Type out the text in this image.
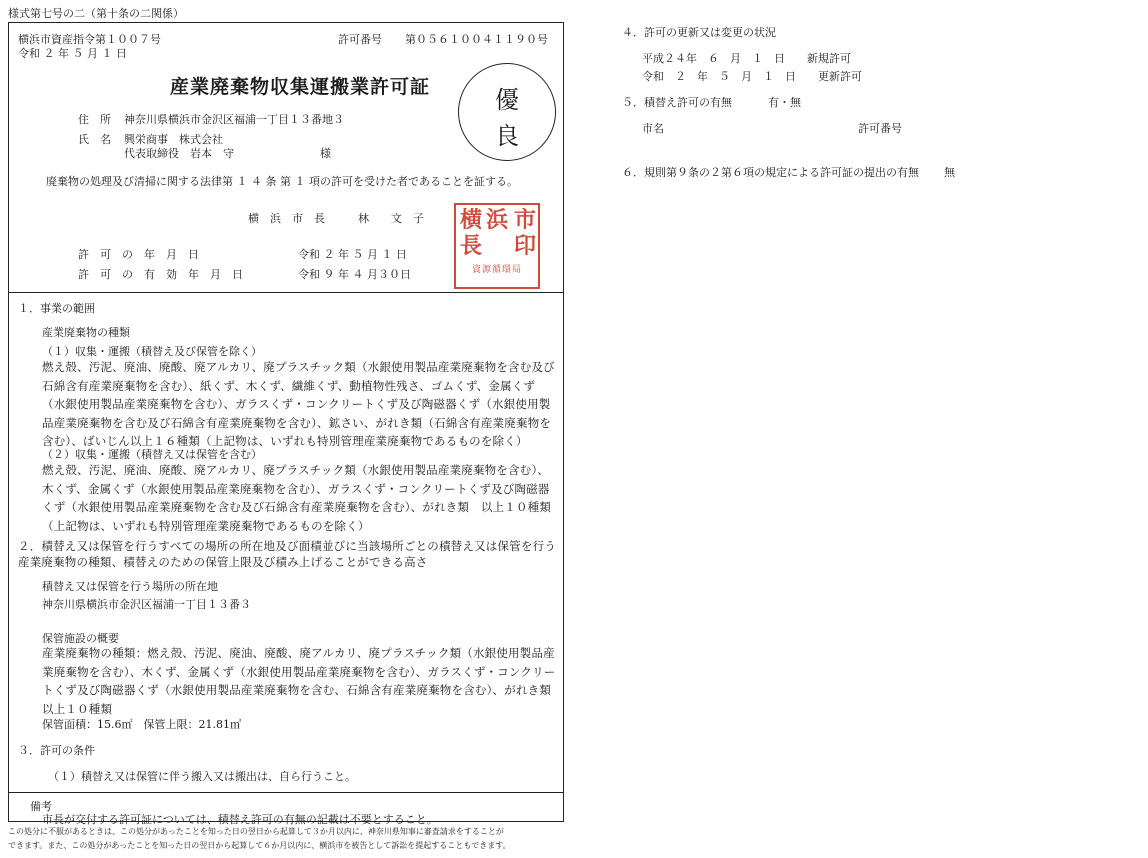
様式第七号の二（第十条の二関係）
横浜市資産指令第１００７号
令和 ２ 年 ５ 月 １ 日
許可番号 第０５６１００４１１９０号
産業廃棄物収集運搬業許可証	優
良
住　所 神奈川県横浜市金沢区福浦一丁目１３番地３
氏　名 興栄商事　株式会社
代表取締役　岩本　守	様
廃棄物の処理及び清掃に関する法律第 １ ４ 条 第 １ 項の許可を受けた者であることを証する。
横　浜　市　長　　　林　　文　子 横 浜 市
長 印
資源循環局
許　可　の　年　月　日	令和 ２ 年 ５ 月 １ 日
許　可　の　有　効　年　月　日	令和 ９ 年 ４ 月３０日
１．事業の範囲
産業廃棄物の種類
（１）収集・運搬（積替え及び保管を除く）
燃え殻、汚泥、廃油、廃酸、廃アルカリ、廃プラスチック類（水銀使用製品産業廃棄物を含む及び石綿含有産業廃棄物を含む）、紙くず、木くず、繊維くず、動植物性残さ、ゴムくず、金属くず（水銀使用製品産業廃棄物を含む）、ガラスくず・コンクリートくず及び陶磁器くず（水銀使用製品産業廃棄物を含む及び石綿含有産業廃棄物を含む）、鉱さい、がれき類（石綿含有産業廃棄物を含む）、ばいじん以上１６種類（上記物は、いずれも特別管理産業廃棄物であるものを除く）
（２）収集・運搬（積替え又は保管を含む）
燃え殻、汚泥、廃油、廃酸、廃アルカリ、廃プラスチック類（水銀使用製品産業廃棄物を含む）、木くず、金属くず（水銀使用製品産業廃棄物を含む）、ガラスくず・コンクリートくず及び陶磁器くず（水銀使用製品産業廃棄物を含む及び石綿含有産業廃棄物を含む）、がれき類　以上１０種類（上記物は、いずれも特別管理産業廃棄物であるものを除く）
２．積替え又は保管を行うすべての場所の所在地及び面積並びに当該場所ごとの積替え又は保管を行う産業廃棄物の種類、積替えのための保管上限及び積み上げることができる高さ
積替え又は保管を行う場所の所在地
神奈川県横浜市金沢区福浦一丁目１３番３
保管施設の概要
産業廃棄物の種類：燃え殻、汚泥、廃油、廃酸、廃アルカリ、廃プラスチック類（水銀使用製品産業廃棄物を含む）、木くず、金属くず（水銀使用製品産業廃棄物を含む）、ガラスくず・コンクリートくず及び陶磁器くず（水銀使用製品産業廃棄物を含む、石綿含有産業廃棄物を含む）、がれき類　以上１０種類
保管面積：15.6㎡　保管上限：21.81㎥
３．許可の条件
（１）積替え又は保管に伴う搬入又は搬出は、自ら行うこと。
備考
市長が交付する許可証については、積替え許可の有無の記載は不要とすること。
この処分に不服があるときは、この処分があったことを知った日の翌日から起算して３か月以内に、神奈川県知事に審査請求をすることが
できます。また、この処分があったことを知った日の翌日から起算して６か月以内に、横浜市を被告として訴訟を提起することもできます。
４．許可の更新又は変更の状況
平成２４年　６　月　１　日　　新規許可
令和　２　年　５　月　１　日　　更新許可
５．積替え許可の有無	有・無
市名	許可番号
６．規則第９条の２第６項の規定による許可証の提出の有無 無
